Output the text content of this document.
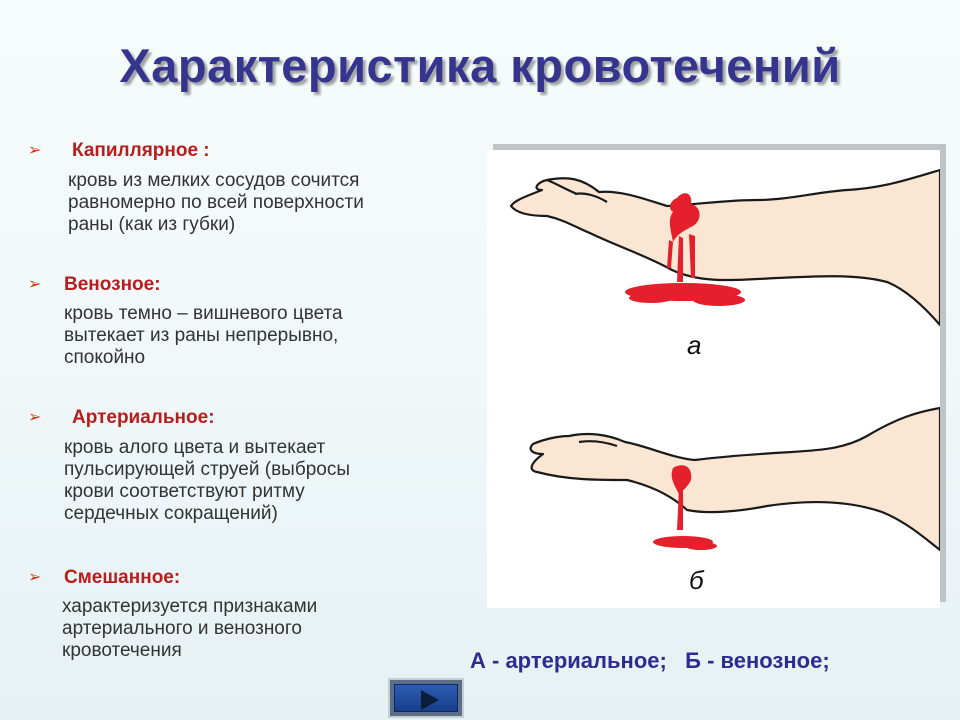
Характеристика кровотечений
➢ Капиллярное :
кровь из мелких сосудов сочится
равномерно по всей поверхности
раны (как из губки)
➢ Венозное:
кровь темно – вишневого цвета
вытекает из раны непрерывно,
спокойно
➢ Артериальное:
кровь алого цвета и вытекает
пульсирующей струей (выбросы
крови соответствуют ритму
сердечных сокращений)
➢ Смешанное:
характеризуется признаками
артериального и венозного
кровотечения
а
б
А - артериальное;   Б - венозное;
